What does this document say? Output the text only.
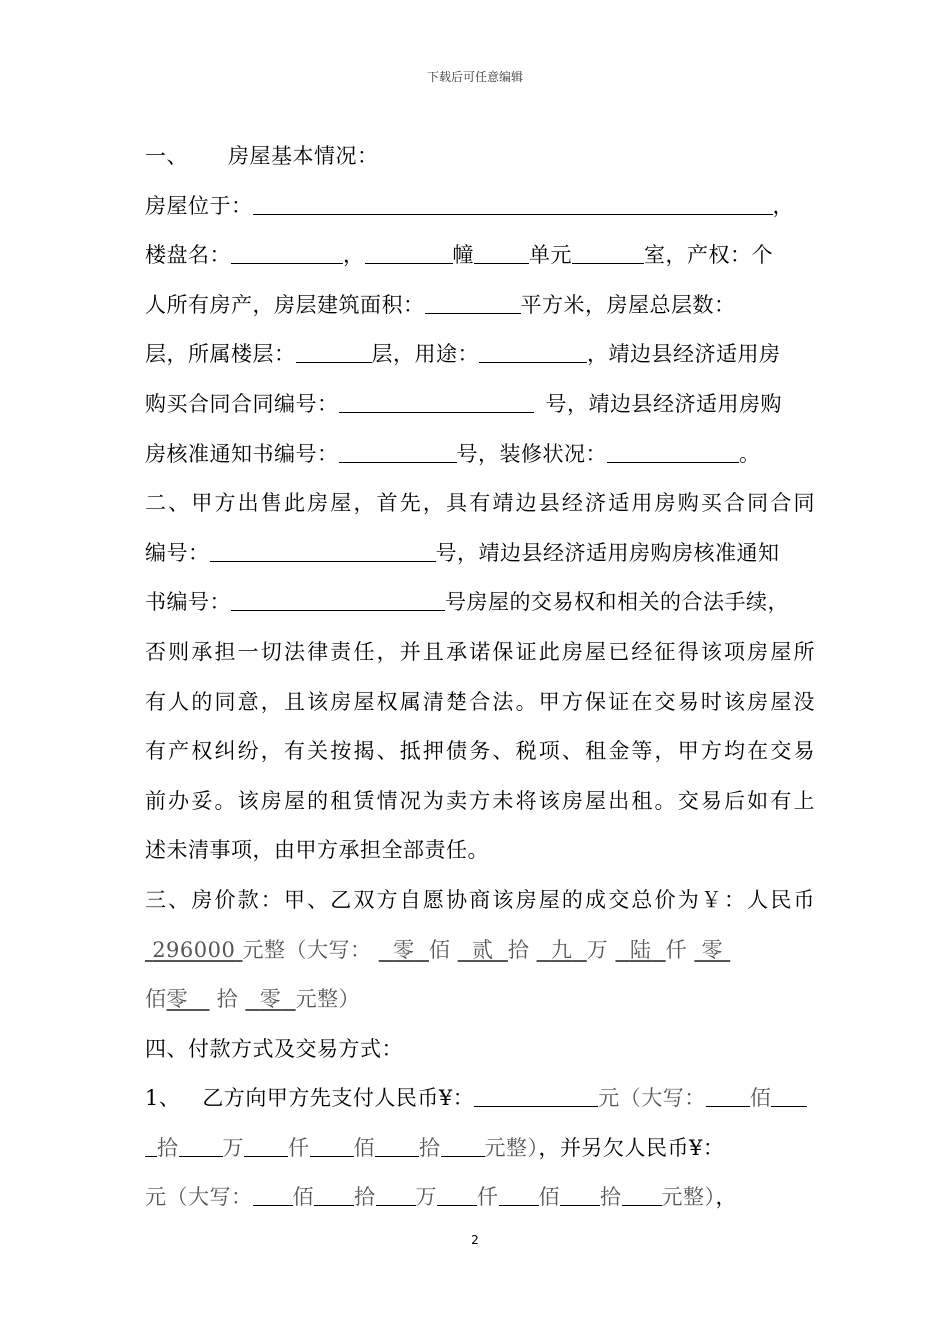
下载后可任意编辑
一、 房屋基本情况：
房屋位于：	，
楼盘名：	，	幢	单元	室，产权：个
人所有房产，房层建筑面积：	平方米，房屋总层数：
层，所属楼层：	层，用途：	，靖边县经济适用房
购买合同合同编号：	号，靖边县经济适用房购
房核准通知书编号：	号，装修状况：	。
二、甲方出售此房屋，首先，具有靖边县经济适用房购买合同合同
编号：	号，靖边县经济适用房购房核准通知
书编号：	号房屋的交易权和相关的合法手续，
否则承担一切法律责任，并且承诺保证此房屋已经征得该项房屋所
有人的同意，且该房屋权属清楚合法。甲方保证在交易时该房屋没
有产权纠纷，有关按揭、抵押债务、税项、租金等，甲方均在交易
前办妥。该房屋的租赁情况为卖方未将该房屋出租。交易后如有上
述未清事项，由甲方承担全部责任。
三、房价款：甲、乙双方自愿协商该房屋的成交总价为￥：人民币
296000 元整（大写： 零 佰 贰 拾 九 万 陆 仟 零
佰零 拾 零 元整）
四、付款方式及交易方式：
1、 乙方向甲方先支付人民币¥：	元（大写： 佰
拾 万 仟 佰 拾 元整），并另欠人民币¥：
元（大写： 佰 拾 万 仟 佰 拾 元整），
2
